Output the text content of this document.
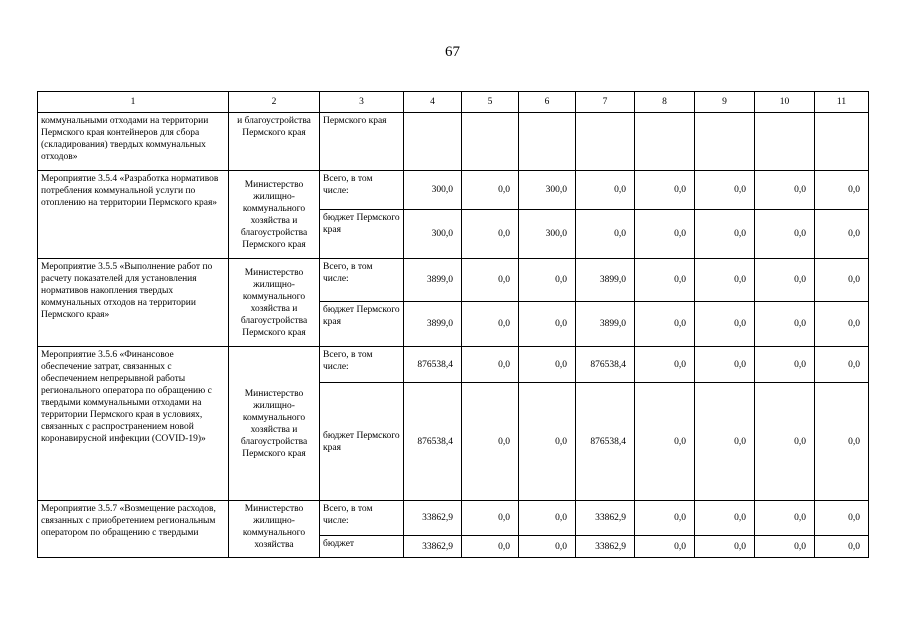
67
1	2	3	4	5	6	7	8	9	10	11
коммунальными отходами на территории Пермского края контейнеров для сбора (складирования) твердых коммунальных отходов»	и благоустройства Пермского края	Пермского края								
Мероприятие 3.5.4 «Разработка нормативов потребления коммунальной услуги по отоплению на территории Пермского края»	Министерство жилищно-коммунального хозяйства и благоустройства Пермского края	Всего, в том числе:	300,0	0,0	300,0	0,0	0,0	0,0	0,0	0,0
		бюджет Пермского края	300,0	0,0	300,0	0,0	0,0	0,0	0,0	0,0
Мероприятие 3.5.5 «Выполнение работ по расчету показателей для установления нормативов накопления твердых коммунальных отходов на территории Пермского края»	Министерство жилищно-коммунального хозяйства и благоустройства Пермского края	Всего, в том числе:	3899,0	0,0	0,0	3899,0	0,0	0,0	0,0	0,0
		бюджет Пермского края	3899,0	0,0	0,0	3899,0	0,0	0,0	0,0	0,0
Мероприятие 3.5.6 «Финансовое обеспечение затрат, связанных с обеспечением непрерывной работы регионального оператора по обращению с твердыми коммунальными отходами на территории Пермского края в условиях, связанных с распространением новой коронавирусной инфекции (COVID-19)»	Министерство жилищно-коммунального хозяйства и благоустройства Пермского края	Всего, в том числе:	876538,4	0,0	0,0	876538,4	0,0	0,0	0,0	0,0
		бюджет Пермского края	876538,4	0,0	0,0	876538,4	0,0	0,0	0,0	0,0
Мероприятие 3.5.7 «Возмещение расходов, связанных с приобретением региональным оператором по обращению с твердыми	Министерство жилищно-коммунального хозяйства	Всего, в том числе:	33862,9	0,0	0,0	33862,9	0,0	0,0	0,0	0,0
		бюджет	33862,9	0,0	0,0	33862,9	0,0	0,0	0,0	0,0
